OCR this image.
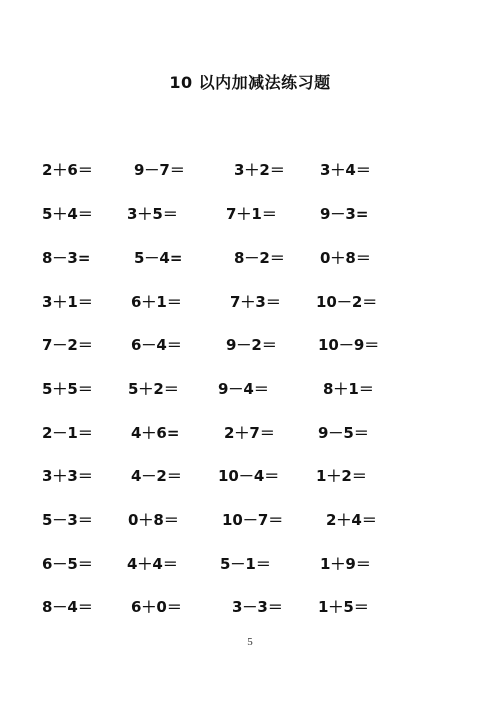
10 以内加减法练习题
2＋6＝	9－7＝	3＋2＝ 3＋4＝
5＋4＝ 3＋5＝	7＋1＝	9－3=
8－3=	5－4=	8－2＝ 0＋8＝
3＋1＝	6＋1＝	7＋3＝ 10－2＝
7－2＝	6－4＝	9－2＝	10－9＝
5＋5＝ 5＋2＝	9－4＝	8＋1＝
2－1＝	4＋6=	2＋7＝	9－5＝
3＋3＝	4－2＝ 10－4＝ 1＋2＝
5－3＝ 0＋8＝	10－7＝	2＋4＝
6－5＝ 4＋4＝	5－1＝	1＋9＝
8－4＝	6＋0＝	3－3＝ 1＋5＝
5
